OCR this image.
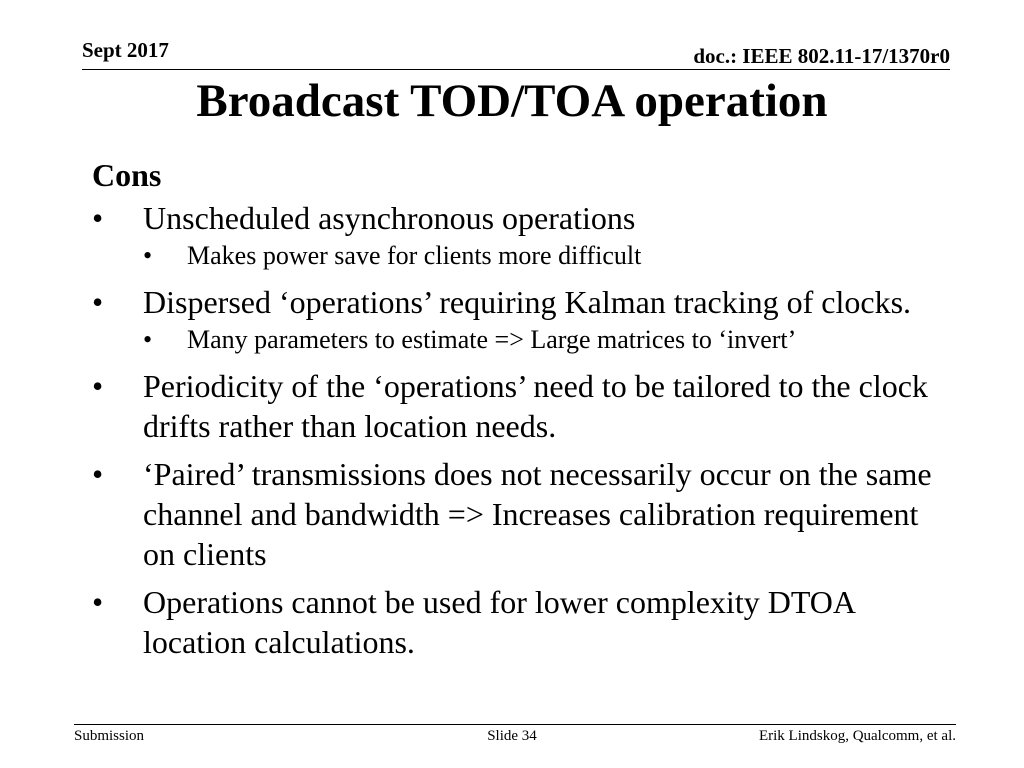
Sept 2017	doc.: IEEE 802.11-17/1370r0
Broadcast TOD/TOA operation
Cons
• Unscheduled asynchronous operations
• Makes power save for clients more difficult
• Dispersed ‘operations’ requiring Kalman tracking of clocks.
• Many parameters to estimate => Large matrices to ‘invert’
• Periodicity of the ‘operations’ need to be tailored to the clock drifts rather than location needs.
• ‘Paired’ transmissions does not necessarily occur on the same channel and bandwidth => Increases calibration requirement on clients
• Operations cannot be used for lower complexity DTOA location calculations.
Submission	Slide 34	Erik Lindskog, Qualcomm, et al.
